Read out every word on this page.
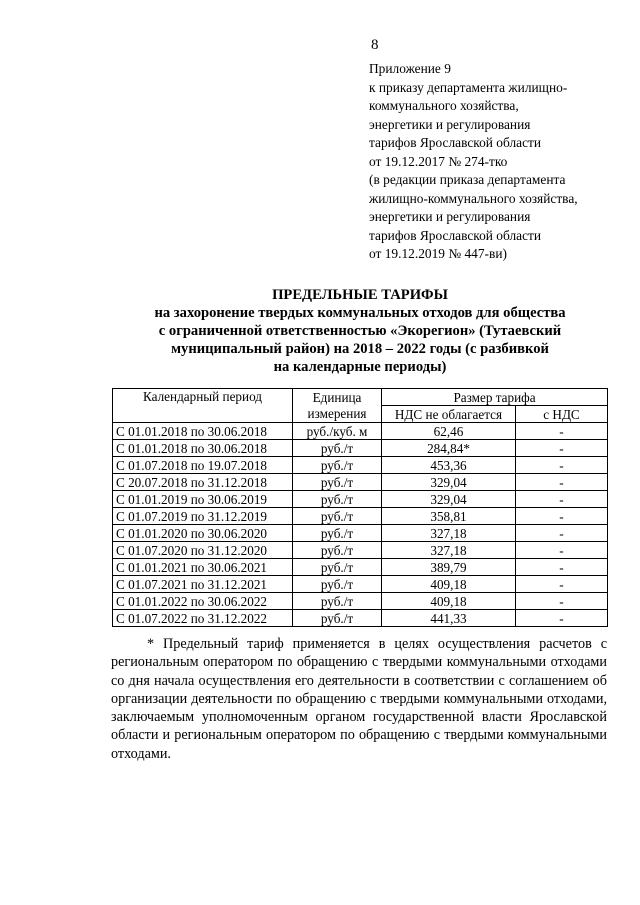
8
Приложение 9
к приказу департамента жилищно-
коммунального хозяйства,
энергетики и регулирования
тарифов Ярославской области
от 19.12.2017 № 274-тко
(в редакции приказа департамента
жилищно-коммунального хозяйства,
энергетики и регулирования
тарифов Ярославской области
от 19.12.2019 № 447-ви)
ПРЕДЕЛЬНЫЕ ТАРИФЫ
на захоронение твердых коммунальных отходов для общества
с ограниченной ответственностью «Экорегион» (Тутаевский
муниципальный район) на 2018 – 2022 годы (с разбивкой
на календарные периоды)
Календарный период	Единица	Размер тарифа	
	измерения	НДС не облагается	с НДС
С 01.01.2018 по 30.06.2018	руб./куб. м	62,46	-
С 01.01.2018 по 30.06.2018	руб./т	284,84*	-
С 01.07.2018 по 19.07.2018	руб./т	453,36	-
С 20.07.2018 по 31.12.2018	руб./т	329,04	-
С 01.01.2019 по 30.06.2019	руб./т	329,04	-
С 01.07.2019 по 31.12.2019	руб./т	358,81	-
С 01.01.2020 по 30.06.2020	руб./т	327,18	-
С 01.07.2020 по 31.12.2020	руб./т	327,18	-
С 01.01.2021 по 30.06.2021	руб./т	389,79	-
С 01.07.2021 по 31.12.2021	руб./т	409,18	-
С 01.01.2022 по 30.06.2022	руб./т	409,18	-
С 01.07.2022 по 31.12.2022	руб./т	441,33	-

* Предельный тариф применяется в целях осуществления расчетов с региональным оператором по обращению с твердыми коммунальными отходами со дня начала осуществления его деятельности в соответствии с соглашением об организации деятельности по обращению с твердыми коммунальными отходами, заключаемым уполномоченным органом государственной власти Ярославской области и региональным оператором по обращению с твердыми коммунальными отходами.
